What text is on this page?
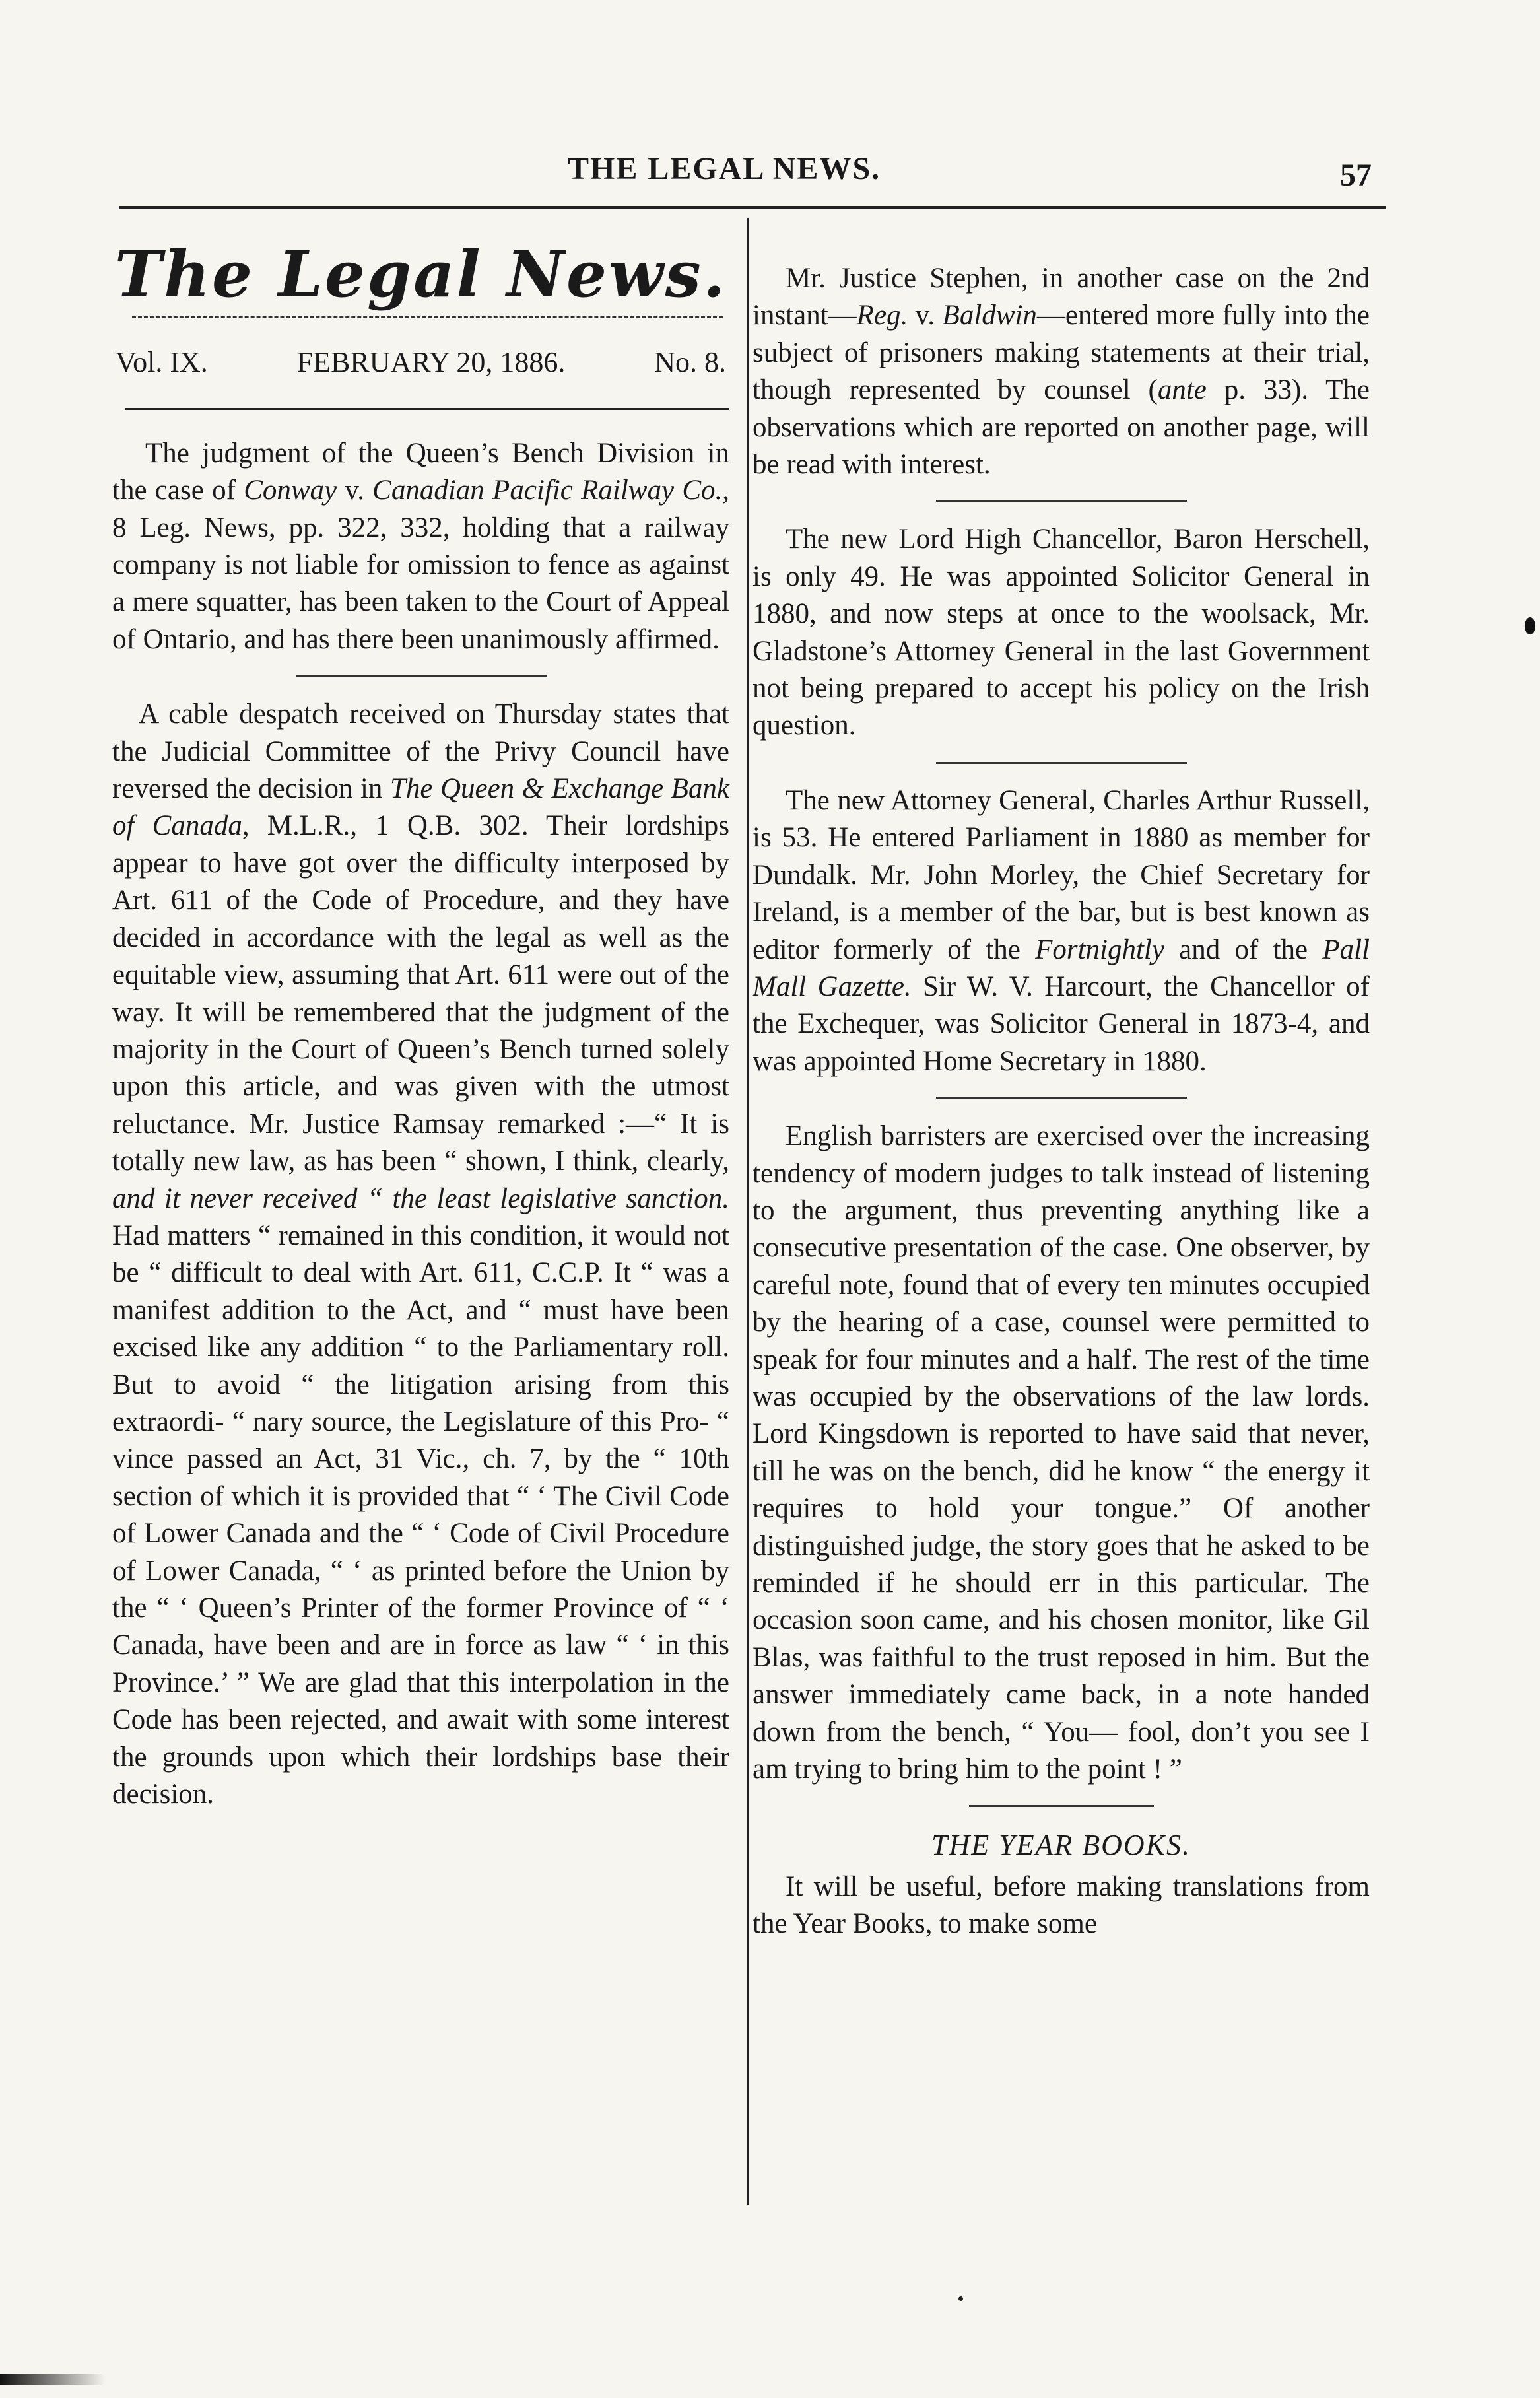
THE LEGAL NEWS.	57
The Legal News.
Vol. IX.	FEBRUARY 20, 1886.	No. 8.

The judgment of the Queen’s Bench Division in the case of Conway v. Canadian Pacific Railway Co., 8 Leg. News, pp. 322, 332, holding that a railway company is not liable for omission to fence as against a mere squatter, has been taken to the Court of Appeal of Ontario, and has there been unanimously affirmed.

A cable despatch received on Thursday states that the Judicial Committee of the Privy Council have reversed the decision in The Queen & Exchange Bank of Canada, M.L.R., 1 Q.B. 302. Their lordships appear to have got over the difficulty interposed by Art. 611 of the Code of Procedure, and they have decided in accordance with the legal as well as the equitable view, assuming that Art. 611 were out of the way. It will be remembered that the judgment of the majority in the Court of Queen’s Bench turned solely upon this article, and was given with the utmost reluctance. Mr. Justice Ramsay remarked :—“ It is totally new law, as has been “ shown, I think, clearly, and it never received “ the least legislative sanction. Had matters “ remained in this condition, it would not be “ difficult to deal with Art. 611, C.C.P. It “ was a manifest addition to the Act, and “ must have been excised like any addition “ to the Parliamentary roll. But to avoid “ the litigation arising from this extraordi- “ nary source, the Legislature of this Pro- “ vince passed an Act, 31 Vic., ch. 7, by the “ 10th section of which it is provided that “ ‘ The Civil Code of Lower Canada and the “ ‘ Code of Civil Procedure of Lower Canada, “ ‘ as printed before the Union by the “ ‘ Queen’s Printer of the former Province of “ ‘ Canada, have been and are in force as law “ ‘ in this Province.’ ” We are glad that this interpolation in the Code has been rejected, and await with some interest the grounds upon which their lordships base their decision.

Mr. Justice Stephen, in another case on the 2nd instant—Reg. v. Baldwin—entered more fully into the subject of prisoners making statements at their trial, though represented by counsel (ante p. 33). The observations which are reported on another page, will be read with interest.

The new Lord High Chancellor, Baron Herschell, is only 49. He was appointed Solicitor General in 1880, and now steps at once to the woolsack, Mr. Gladstone’s Attorney General in the last Government not being prepared to accept his policy on the Irish question.

The new Attorney General, Charles Arthur Russell, is 53. He entered Parliament in 1880 as member for Dundalk. Mr. John Morley, the Chief Secretary for Ireland, is a member of the bar, but is best known as editor formerly of the Fortnightly and of the Pall Mall Gazette. Sir W. V. Harcourt, the Chancellor of the Exchequer, was Solicitor General in 1873-4, and was appointed Home Secretary in 1880.

English barristers are exercised over the increasing tendency of modern judges to talk instead of listening to the argument, thus preventing anything like a consecutive presentation of the case. One observer, by careful note, found that of every ten minutes occupied by the hearing of a case, counsel were permitted to speak for four minutes and a half. The rest of the time was occupied by the observations of the law lords. Lord Kingsdown is reported to have said that never, till he was on the bench, did he know “ the energy it requires to hold your tongue.” Of another distinguished judge, the story goes that he asked to be reminded if he should err in this particular. The occasion soon came, and his chosen monitor, like Gil Blas, was faithful to the trust reposed in him. But the answer immediately came back, in a note handed down from the bench, “ You— fool, don’t you see I am trying to bring him to the point ! ”

THE YEAR BOOKS.

It will be useful, before making translations from the Year Books, to make some
